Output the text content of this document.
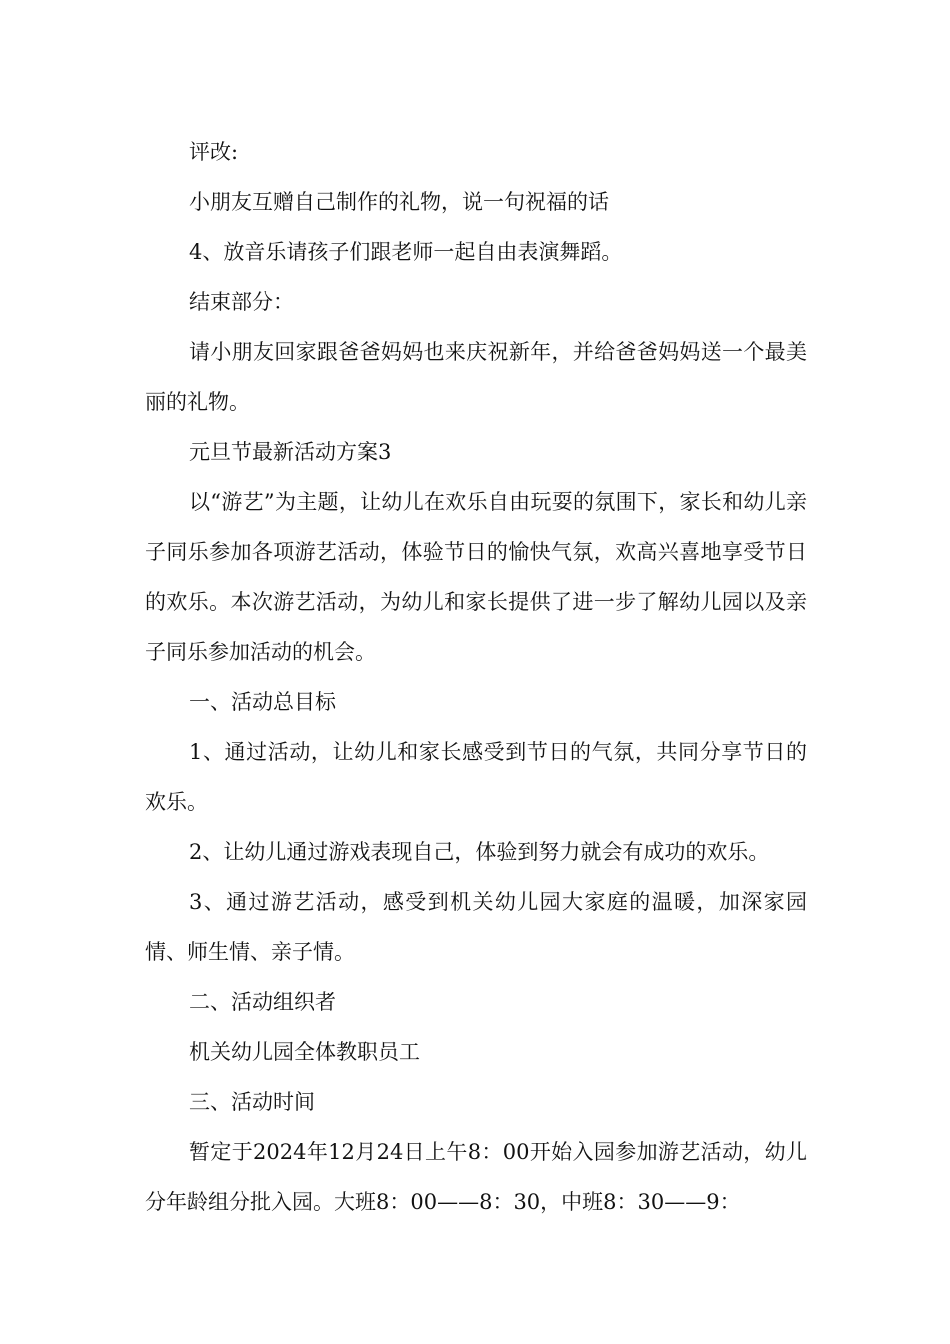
评改:

小朋友互赠自己制作的礼物，说一句祝福的话

4、放音乐请孩子们跟老师一起自由表演舞蹈。

结束部分：

请小朋友回家跟爸爸妈妈也来庆祝新年，并给爸爸妈妈送一个最美丽的礼物。

元旦节最新活动方案3

以“游艺”为主题，让幼儿在欢乐自由玩耍的氛围下，家长和幼儿亲子同乐参加各项游艺活动，体验节日的愉快气氛，欢高兴喜地享受节日的欢乐。本次游艺活动，为幼儿和家长提供了进一步了解幼儿园以及亲子同乐参加活动的机会。

一、活动总目标

1、通过活动，让幼儿和家长感受到节日的气氛，共同分享节日的欢乐。

2、让幼儿通过游戏表现自己，体验到努力就会有成功的欢乐。

3、通过游艺活动，感受到机关幼儿园大家庭的温暖，加深家园情、师生情、亲子情。

二、活动组织者

机关幼儿园全体教职员工

三、活动时间

暂定于2024年12月24日上午8：00开始入园参加游艺活动，幼儿分年龄组分批入园。大班8：00——8：30，中班8：30——9：
